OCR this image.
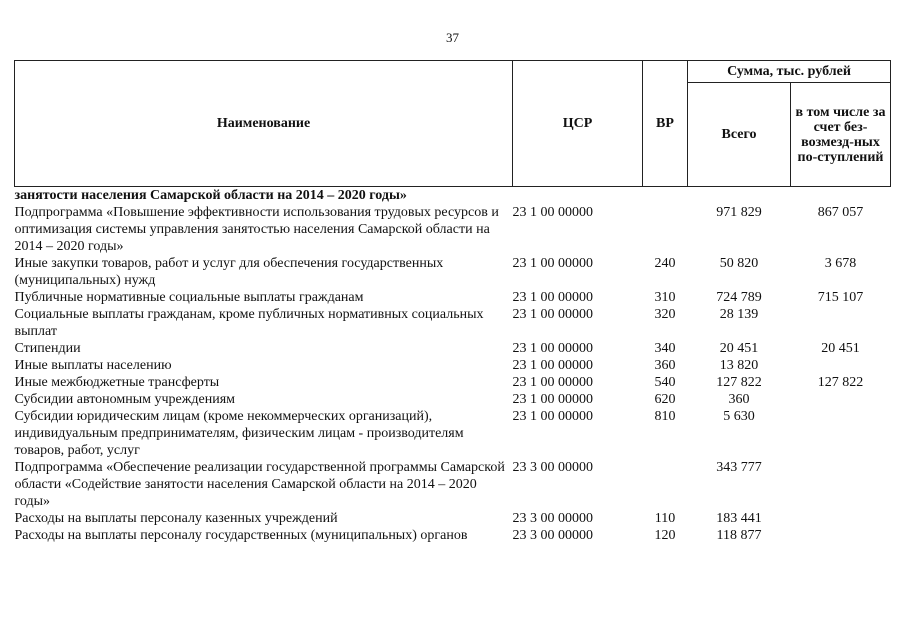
37
Наименование	ЦСР	ВР	Сумма, тыс. рублей	
			Всего	в том числе за счет без-возмезд-ных по-ступлений
занятости населения Самарской области на 2014 – 2020 годы»				
Подпрограмма «Повышение эффективности использования трудовых ресурсов и оптимизация системы управления занятостью населения Самарской области на 2014 – 2020 годы»	23 1 00 00000		971 829	867 057
Иные закупки товаров, работ и услуг для обеспечения государственных (муниципальных) нужд	23 1 00 00000	240	50 820	3 678
Публичные нормативные социальные выплаты гражданам	23 1 00 00000	310	724 789	715 107
Социальные выплаты гражданам, кроме публичных нормативных социальных выплат	23 1 00 00000	320	28 139	
Стипендии	23 1 00 00000	340	20 451	20 451
Иные выплаты населению	23 1 00 00000	360	13 820	
Иные межбюджетные трансферты	23 1 00 00000	540	127 822	127 822
Субсидии автономным учреждениям	23 1 00 00000	620	360	
Субсидии юридическим лицам (кроме некоммерческих организаций), индивидуальным предпринимателям, физическим лицам - производителям товаров, работ, услуг	23 1 00 00000	810	5 630	
Подпрограмма «Обеспечение реализации государственной программы Самарской области «Содействие занятости населения Самарской области на 2014 – 2020 годы»	23 3 00 00000		343 777	
Расходы на выплаты персоналу казенных учреждений	23 3 00 00000	110	183 441	
Расходы на выплаты персоналу государственных (муниципальных) органов	23 3 00 00000	120	118 877	
